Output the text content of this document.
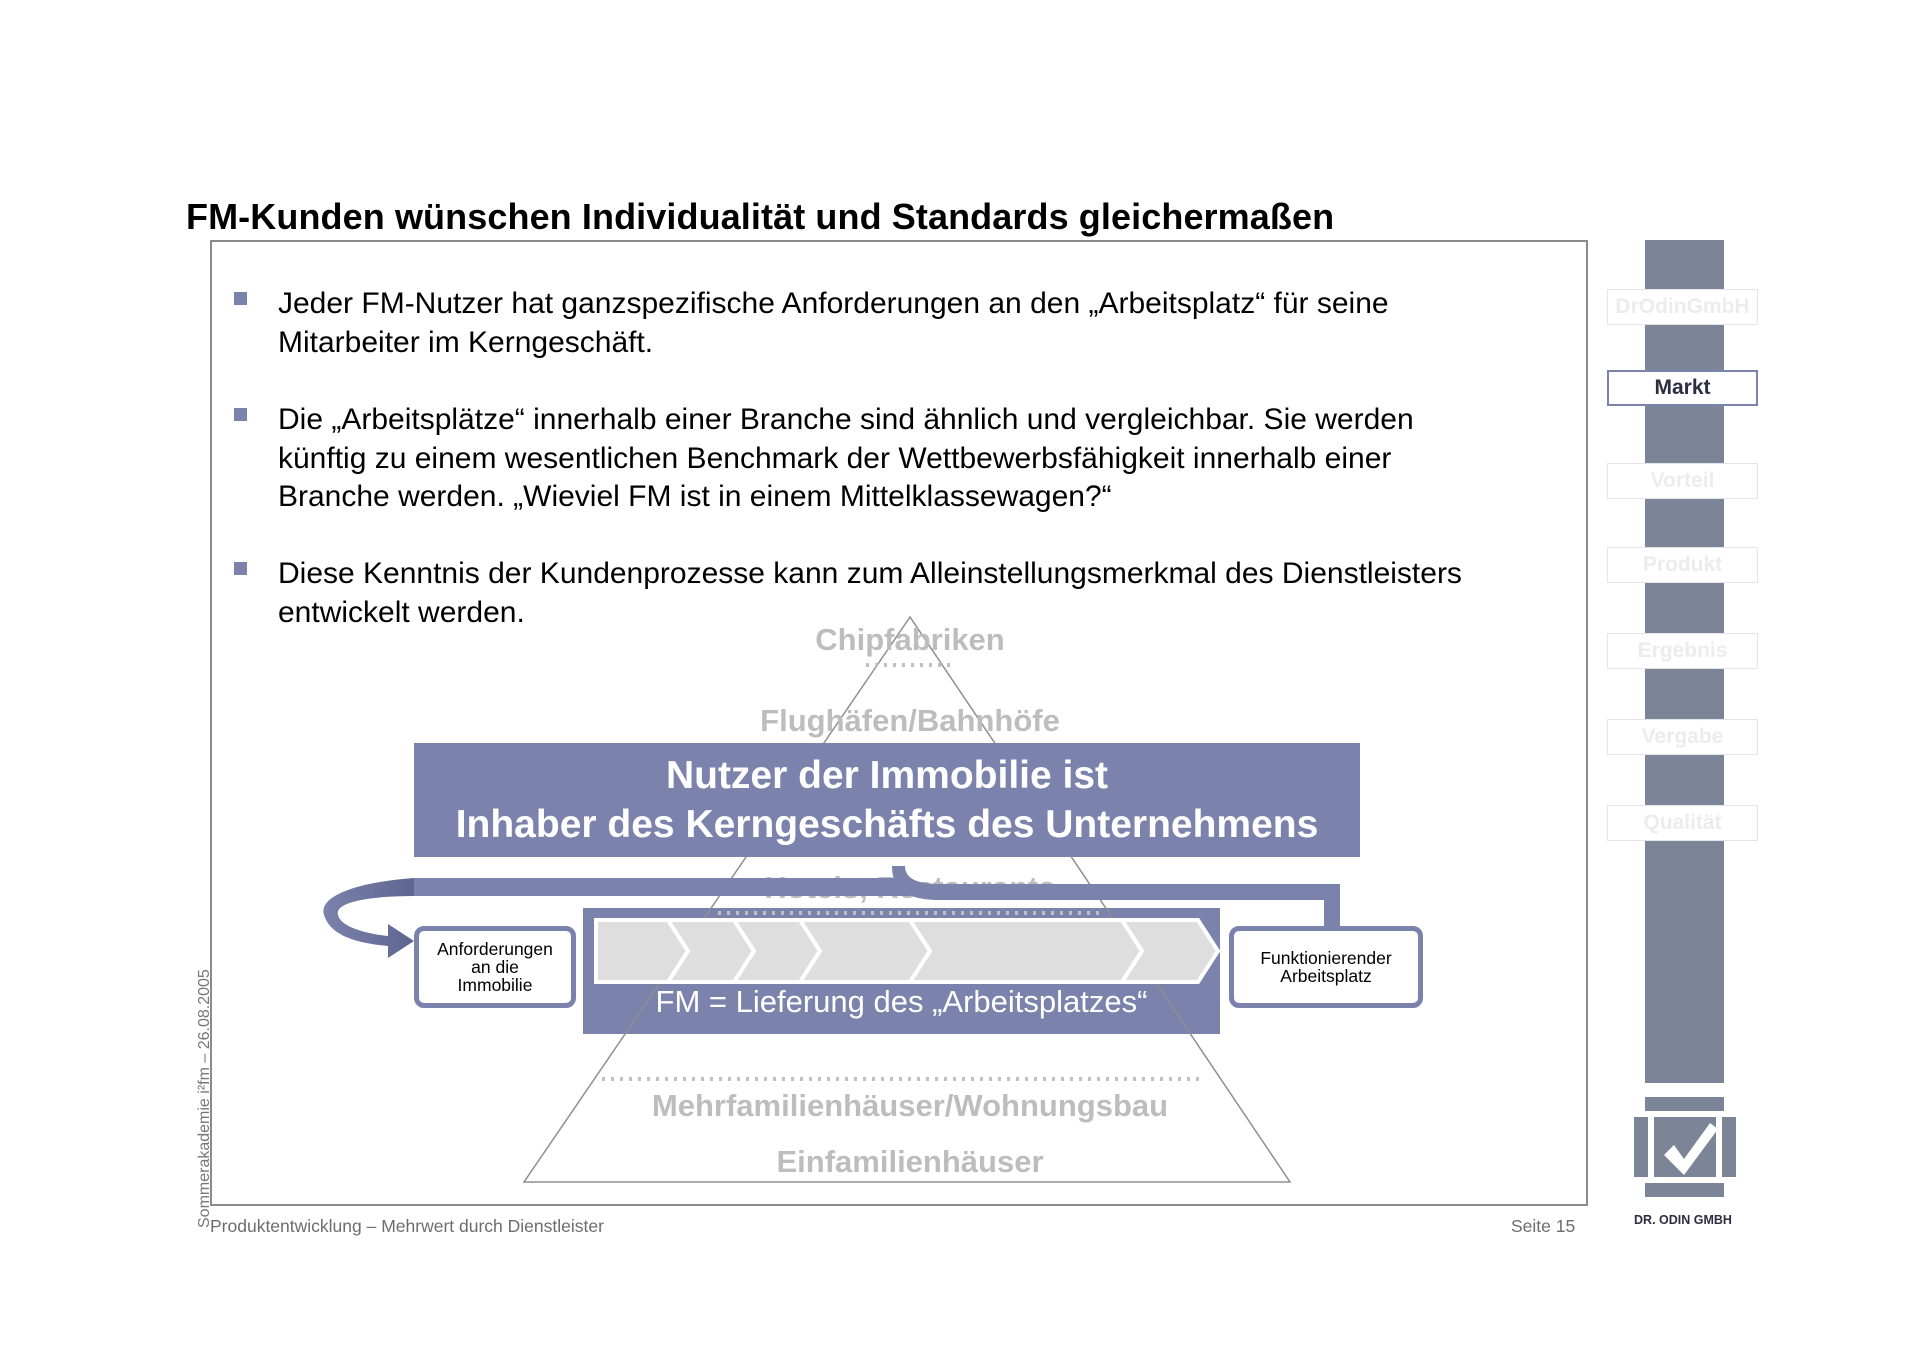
FM-Kunden wünschen Individualität und Standards gleichermaßen
Jeder FM-Nutzer hat ganzspezifische Anforderungen an den „Arbeitsplatz“ für seine
Mitarbeiter im Kerngeschäft.
Die „Arbeitsplätze“ innerhalb einer Branche sind ähnlich und vergleichbar. Sie werden
künftig zu einem wesentlichen Benchmark der Wettbewerbsfähigkeit innerhalb einer
Branche werden. „Wieviel FM ist in einem Mittelklassewagen?“
Diese Kenntnis der Kundenprozesse kann zum Alleinstellungsmerkmal des Dienstleisters
entwickelt werden.
Chipfabriken
Flughäfen/Bahnhöfe
Mehrfamilienhäuser/Wohnungsbau
Einfamilienhäuser
Nutzer der Immobilie ist
Inhaber des Kerngeschäfts des Unternehmens
FM = Lieferung des „Arbeitsplatzes“
Anforderungen
an die
Immobilie
Funktionierender
Arbeitsplatz
Sommerakademie i²fm – 26.08.2005
Produktentwicklung – Mehrwert durch Dienstleister	Seite 15
DrOdinGmbH
Markt
Vorteil
Produkt
Ergebnis
Vergabe
Qualität
DR. ODIN GMBH
